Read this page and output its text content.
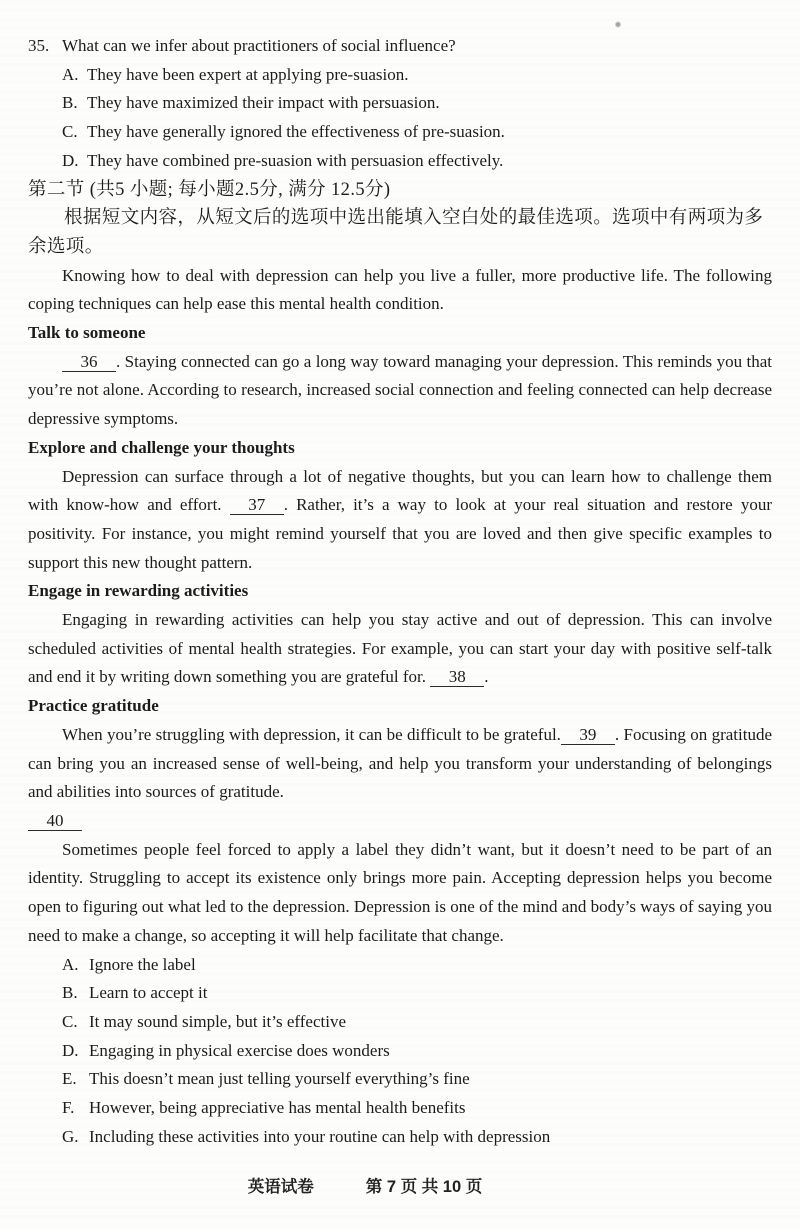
35. What can we infer about practitioners of social influence?
A. They have been expert at applying pre-suasion.
B. They have maximized their impact with persuasion.
C. They have generally ignored the effectiveness of pre-suasion.
D. They have combined pre-suasion with persuasion effectively.
第二节 (共5 小题; 每小题2.5分, 满分 12.5分)
根据短文内容，从短文后的选项中选出能填入空白处的最佳选项。选项中有两项为多余选项。

Knowing how to deal with depression can help you live a fuller, more productive life. The following coping techniques can help ease this mental health condition.

Talk to someone

36 . Staying connected can go a long way toward managing your depression. This reminds you that you’re not alone. According to research, increased social connection and feeling connected can help decrease depressive symptoms.

Explore and challenge your thoughts

Depression can surface through a lot of negative thoughts, but you can learn how to challenge them with know-how and effort. 37 . Rather, it’s a way to look at your real situation and restore your positivity. For instance, you might remind yourself that you are loved and then give specific examples to support this new thought pattern.

Engage in rewarding activities

Engaging in rewarding activities can help you stay active and out of depression. This can involve scheduled activities of mental health strategies. For example, you can start your day with positive self-talk and end it by writing down something you are grateful for. 38 .

Practice gratitude

When you’re struggling with depression, it can be difficult to be grateful. 39 . Focusing on gratitude can bring you an increased sense of well-being, and help you transform your understanding of belongings and abilities into sources of gratitude.

40

Sometimes people feel forced to apply a label they didn’t want, but it doesn’t need to be part of an identity. Struggling to accept its existence only brings more pain. Accepting depression helps you become open to figuring out what led to the depression. Depression is one of the mind and body’s ways of saying you need to make a change, so accepting it will help facilitate that change.

A. Ignore the label
B. Learn to accept it
C. It may sound simple, but it’s effective
D. Engaging in physical exercise does wonders
E. This doesn’t mean just telling yourself everything’s fine
F. However, being appreciative has mental health benefits
G. Including these activities into your routine can help with depression
英语试卷	第 7 页 共 10 页
